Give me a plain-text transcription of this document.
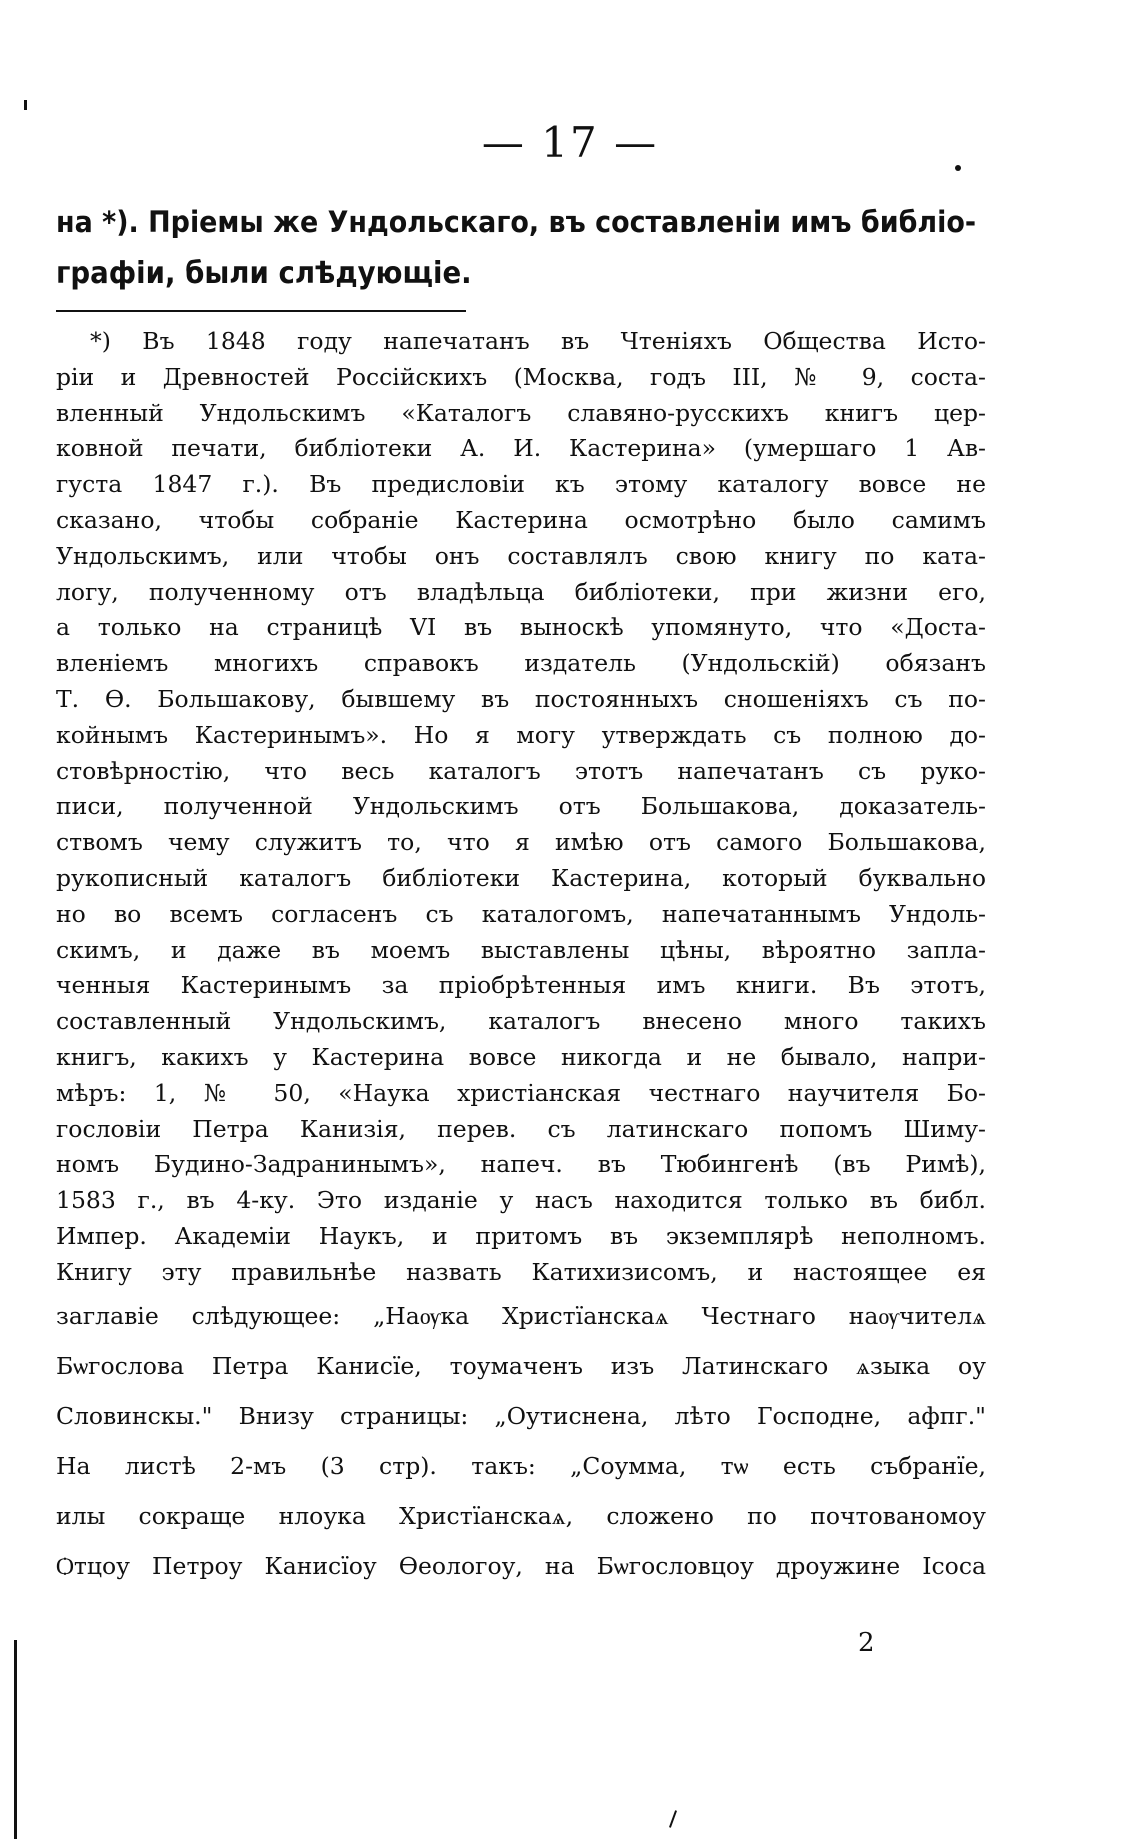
— 17 —
на *). Пріемы же Ундольскаго, въ составленіи имъ библіо-
графіи, были слѣдующіе.
*) Въ 1848 году напечатанъ въ Чтеніяхъ Общества Исто-
ріи и Древностей Россійскихъ (Москва, годъ III, № 9, соста-
вленный Ундольскимъ «Каталогъ славяно-русскихъ книгъ цер-
ковной печати, библіотеки А. И. Кастерина» (умершаго 1 Ав-
густа 1847 г.). Въ предисловіи къ этому каталогу вовсе не
сказано, чтобы собраніе Кастерина осмотрѣно было самимъ
Ундольскимъ, или чтобы онъ составлялъ свою книгу по ката-
логу, полученному отъ владѣльца библіотеки, при жизни его,
а только на страницѣ VI въ выноскѣ упомянуто, что «Доста-
вленіемъ многихъ справокъ издатель (Ундольскій) обязанъ
Т. Ѳ. Большакову, бывшему въ постоянныхъ сношеніяхъ съ по-
койнымъ Кастеринымъ». Но я могу утверждать съ полною до-
стовѣрностію, что весь каталогъ этотъ напечатанъ съ руко-
писи, полученной Ундольскимъ отъ Большакова, доказатель-
ствомъ чему служитъ то, что я имѣю отъ самого Большакова,
рукописный каталогъ библіотеки Кастерина, который буквально
но во всемъ согласенъ съ каталогомъ, напечатаннымъ Ундоль-
скимъ, и даже въ моемъ выставлены цѣны, вѣроятно запла-
ченныя Кастеринымъ за пріобрѣтенныя имъ книги. Въ этотъ,
составленный Ундольскимъ, каталогъ внесено много такихъ
книгъ, какихъ у Кастерина вовсе никогда и не бывало, напри-
мѣръ: 1, № 50, «Наука христіанская честнаго научителя Бо-
гословіи Петра Канизія, перев. съ латинскаго попомъ Шиму-
номъ Будино-Задранинымъ», напеч. въ Тюбингенѣ (въ Римѣ),
1583 г., въ 4-ку. Это изданіе у насъ находится только въ библ.
Импер. Академіи Наукъ, и притомъ въ экземплярѣ неполномъ.
Книгу эту правильнѣе назвать Катихизисомъ, и настоящее ея
заглавіе слѣдующее: „Наѹка Христїанскаѧ Честнаго наѹчителѧ
Бѡгослова Петра Канисїе, тоумаченъ изъ Латинскаго ѧзыка оу
Словинскы." Внизу страницы: „Оутиснена, лѣто Господне, афпг."
На листѣ 2-мъ (3 стр). такъ: „Соумма, тѡ есть събранїе,
илы сокраще нлоука Христїанскаѧ, сложено по почтованомоу
Ѻтцоу Петроу Канисїоу Ѳеологоу, на Бѡгословцоу дроужине Ісоса
2
